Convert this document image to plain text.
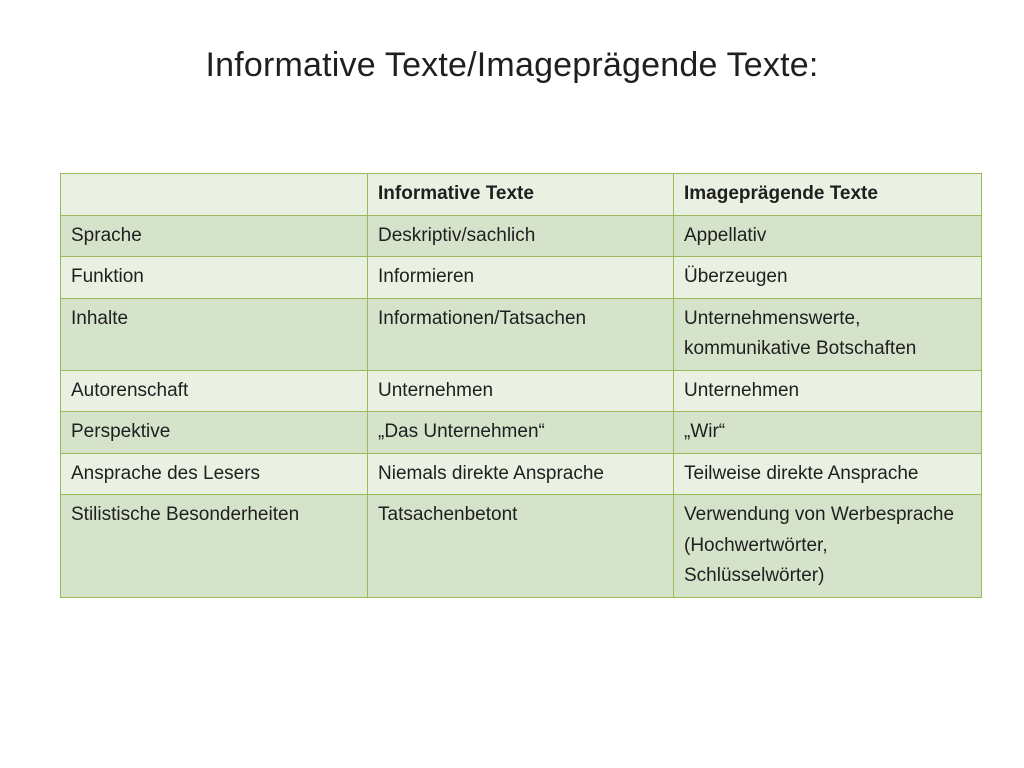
Informative Texte/Imageprägende Texte:
	Informative Texte	Imageprägende Texte
Sprache	Deskriptiv/sachlich	Appellativ
Funktion	Informieren	Überzeugen
Inhalte	Informationen/Tatsachen	Unternehmenswerte, kommunikative Botschaften
Autorenschaft	Unternehmen	Unternehmen
Perspektive	„Das Unternehmen“	„Wir“
Ansprache des Lesers	Niemals direkte Ansprache	Teilweise direkte Ansprache
Stilistische Besonderheiten	Tatsachenbetont	Verwendung von Werbesprache (Hochwertwörter, Schlüsselwörter)
